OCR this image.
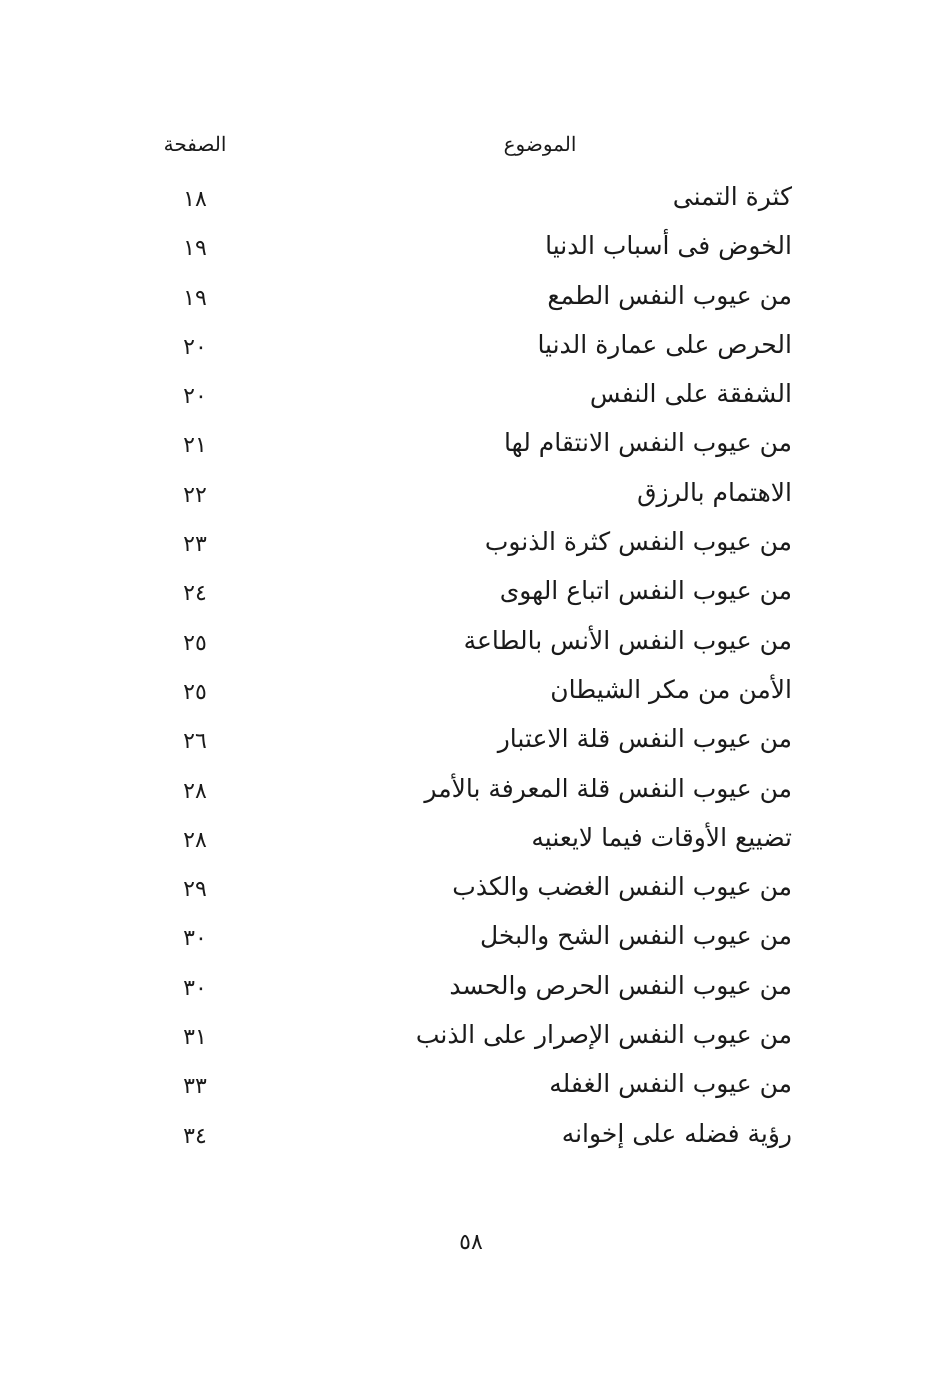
الموضوع
الصفحة
كثرة التمنى
١٨
الخوض فى أسباب الدنيا
١٩
من عيوب النفس الطمع
١٩
الحرص على عمارة الدنيا
٢٠
الشفقة على النفس
٢٠
من عيوب النفس الانتقام لها
٢١
الاهتمام بالرزق
٢٢
من عيوب النفس كثرة الذنوب
٢٣
من عيوب النفس اتباع الهوى
٢٤
من عيوب النفس الأنس بالطاعة
٢٥
الأمن من مكر الشيطان
٢٥
من عيوب النفس قلة الاعتبار
٢٦
من عيوب النفس قلة المعرفة بالأمر
٢٨
تضييع الأوقات فيما لايعنيه
٢٨
من عيوب النفس الغضب والكذب
٢٩
من عيوب النفس الشح والبخل
٣٠
من عيوب النفس الحرص والحسد
٣٠
من عيوب النفس الإصرار على الذنب
٣١
من عيوب النفس الغفله
٣٣
رؤية فضله على إخوانه
٣٤
٥٨
